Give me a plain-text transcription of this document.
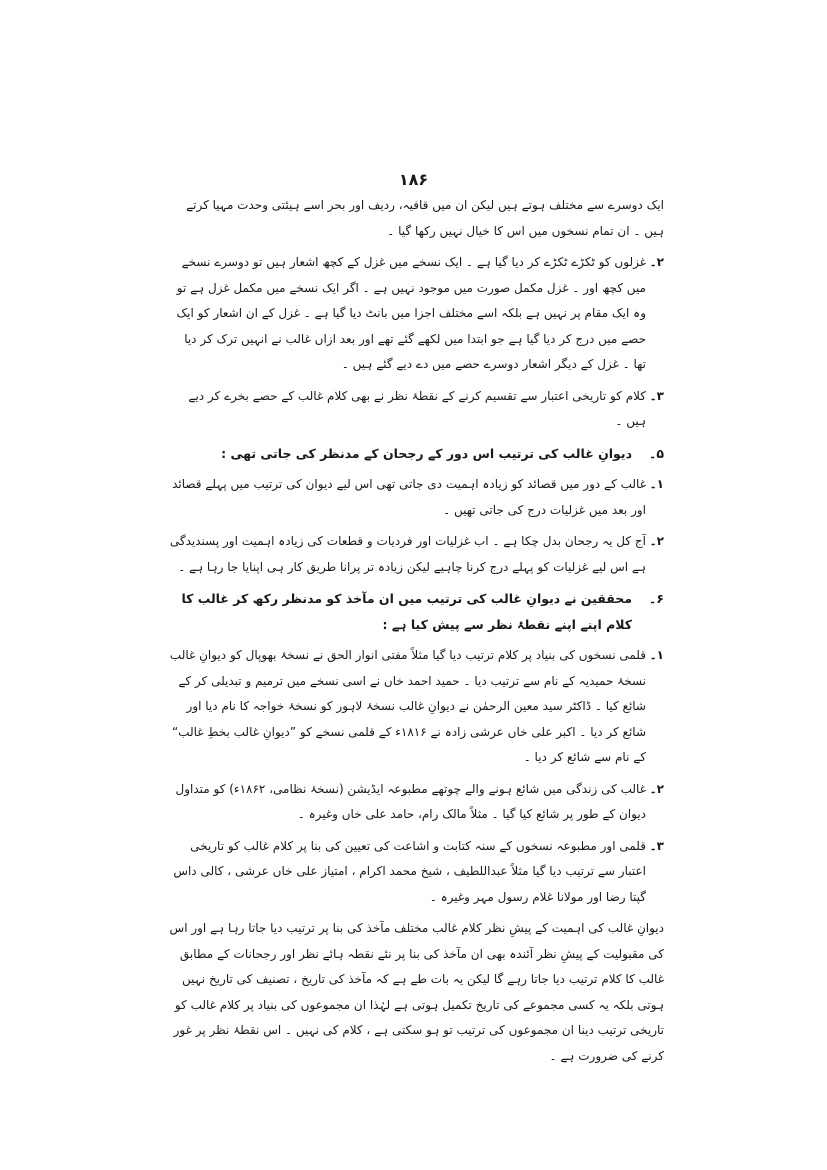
۱۸۶

ایک دوسرے سے مختلف ہوتے ہیں لیکن ان میں قافیہ، ردیف اور بحر اسے ہیئتی وحدت مہیا کرتے ہیں ۔ ان تمام نسخوں میں اس کا خیال نہیں رکھا گیا ۔

۲۔
غزلوں کو ٹکڑے ٹکڑے کر دیا گیا ہے ۔ ایک نسخے میں غزل کے کچھ اشعار ہیں تو دوسرے نسخے میں کچھ اور ۔ غزل مکمل صورت میں موجود نہیں ہے ۔ اگر ایک نسخے میں مکمل غزل ہے تو وہ ایک مقام پر نہیں ہے بلکہ اسے مختلف اجزا میں بانٹ دیا گیا ہے ۔ غزل کے ان اشعار کو ایک حصے میں درج کر دیا گیا ہے جو ابتدا میں لکھے گئے تھے اور بعد ازاں غالب نے انہیں ترک کر دیا تھا ۔ غزل کے دیگر اشعار دوسرے حصے میں دے دیے گئے ہیں ۔
۳۔
کلام کو تاریخی اعتبار سے تقسیم کرنے کے نقطۂ نظر نے بھی کلام غالب کے حصے بخرے کر دیے ہیں ۔
۵۔
دیوانِ غالب کی ترتیب اس دور کے رجحان کے مدنظر کی جاتی تھی :
۱۔
غالب کے دور میں قصائد کو زیادہ اہمیت دی جاتی تھی اس لیے دیوان کی ترتیب میں پہلے قصائد اور بعد میں غزلیات درج کی جاتی تھیں ۔
۲۔
آج کل یہ رجحان بدل چکا ہے ۔ اب غزلیات اور فردیات و قطعات کی زیادہ اہمیت اور پسندیدگی ہے اس لیے غزلیات کو پہلے درج کرنا چاہیے لیکن زیادہ تر پرانا طریق کار ہی اپنایا جا رہا ہے ۔
۶۔
محققین نے دیوانِ غالب کی ترتیب میں ان مآخذ کو مدنظر رکھ کر غالب کا کلام اپنے اپنے نقطۂ نظر سے پیش کیا ہے :
۱۔
قلمی نسخوں کی بنیاد پر کلام ترتیب دیا گیا مثلاً مفتی انوار الحق نے نسخۂ بھوپال کو دیوانِ غالب نسخۂ حمیدیہ کے نام سے ترتیب دیا ۔ حمید احمد خاں نے اسی نسخے میں ترمیم و تبدیلی کر کے شائع کیا ۔ ڈاکٹر سید معین الرحمٰن نے دیوانِ غالب نسخۂ لاہور کو نسخۂ خواجہ کا نام دیا اور شائع کر دیا ۔ اکبر علی خاں عرشی زادہ نے ۱۸۱۶ء کے قلمی نسخے کو ”دیوانِ غالب بخطِ غالب“ کے نام سے شائع کر دیا ۔
۲۔
غالب کی زندگی میں شائع ہونے والے چوتھے مطبوعہ ایڈیشن (نسخۂ نظامی، ۱۸۶۲ء) کو متداول دیوان کے طور پر شائع کیا گیا ۔ مثلاً مالک رام، حامد علی خاں وغیرہ ۔
۳۔
قلمی اور مطبوعہ نسخوں کے سنہ کتابت و اشاعت کی تعیین کی بنا پر کلام غالب کو تاریخی اعتبار سے ترتیب دیا گیا مثلاً عبداللطیف ، شیخ محمد اکرام ، امتیاز علی خاں عرشی ، کالی داس گپتا رضا اور مولانا غلام رسول مہر وغیرہ ۔

دیوانِ غالب کی اہمیت کے پیشِ نظر کلام غالب مختلف مآخذ کی بنا پر ترتیب دیا جاتا رہا ہے اور اس کی مقبولیت کے پیشِ نظر آئندہ بھی ان مآخذ کی بنا پر نئے نقطہ ہائے نظر اور رجحانات کے مطابق غالب کا کلام ترتیب دیا جاتا رہے گا لیکن یہ بات طے ہے کہ مآخذ کی تاریخ ، تصنیف کی تاریخ نہیں ہوتی بلکہ یہ کسی مجموعے کی تاریخ تکمیل ہوتی ہے لہٰذا ان مجموعوں کی بنیاد پر کلام غالب کو تاریخی ترتیب دینا ان مجموعوں کی ترتیب تو ہو سکتی ہے ، کلام کی نہیں ۔ اس نقطۂ نظر پر غور کرنے کی ضرورت ہے ۔
